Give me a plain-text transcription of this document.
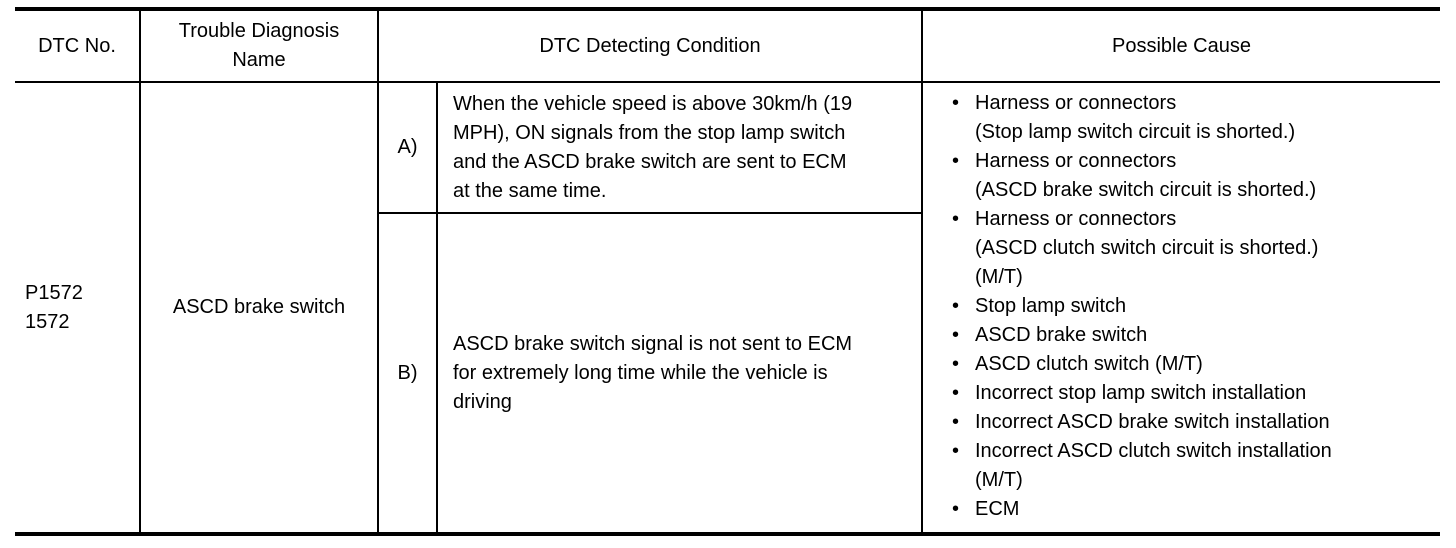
DTC No.
Trouble Diagnosis
Name
DTC Detecting Condition	Possible Cause
P1572
1572
ASCD brake switch
A)
When the vehicle speed is above 30km/h (19
MPH), ON signals from the stop lamp switch
and the ASCD brake switch are sent to ECM
at the same time.
B)
ASCD brake switch signal is not sent to ECM
for extremely long time while the vehicle is
driving
• Harness or connectors
(Stop lamp switch circuit is shorted.)
• Harness or connectors
(ASCD brake switch circuit is shorted.)
• Harness or connectors
(ASCD clutch switch circuit is shorted.)
(M/T)
• Stop lamp switch
• ASCD brake switch
• ASCD clutch switch (M/T)
• Incorrect stop lamp switch installation
• Incorrect ASCD brake switch installation
• Incorrect ASCD clutch switch installation
(M/T)
• ECM
